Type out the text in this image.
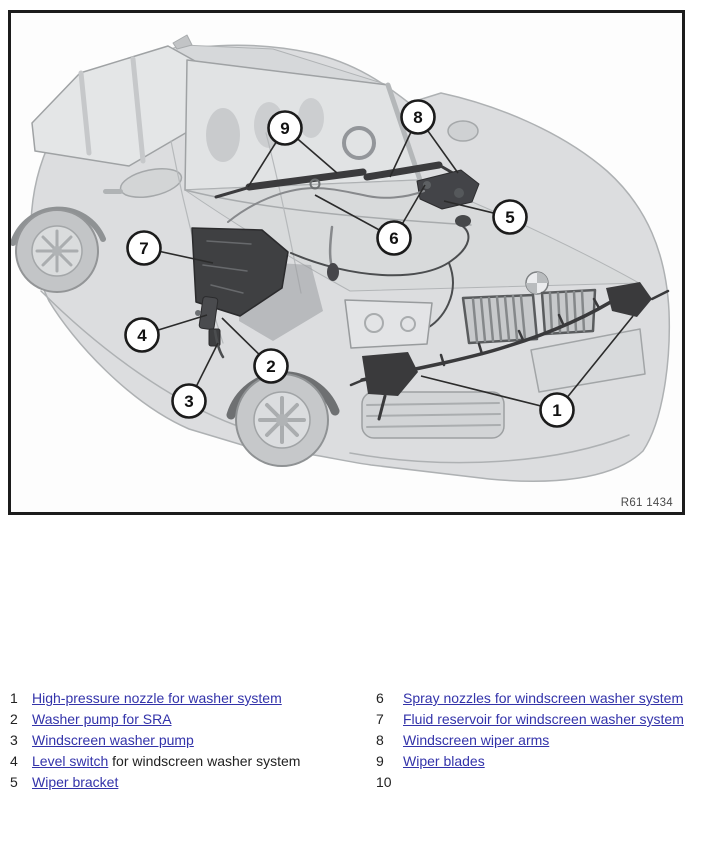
1
2
3
4
5
6
7
8
9
R61 1434
1	High-pressure nozzle for washer system	6	Spray nozzles for windscreen washer system
2	Washer pump for SRA	7	Fluid reservoir for windscreen washer system
3	Windscreen washer pump	8	Windscreen wiper arms
4	Level switch for windscreen washer system	9	Wiper blades
5	Wiper bracket	10
